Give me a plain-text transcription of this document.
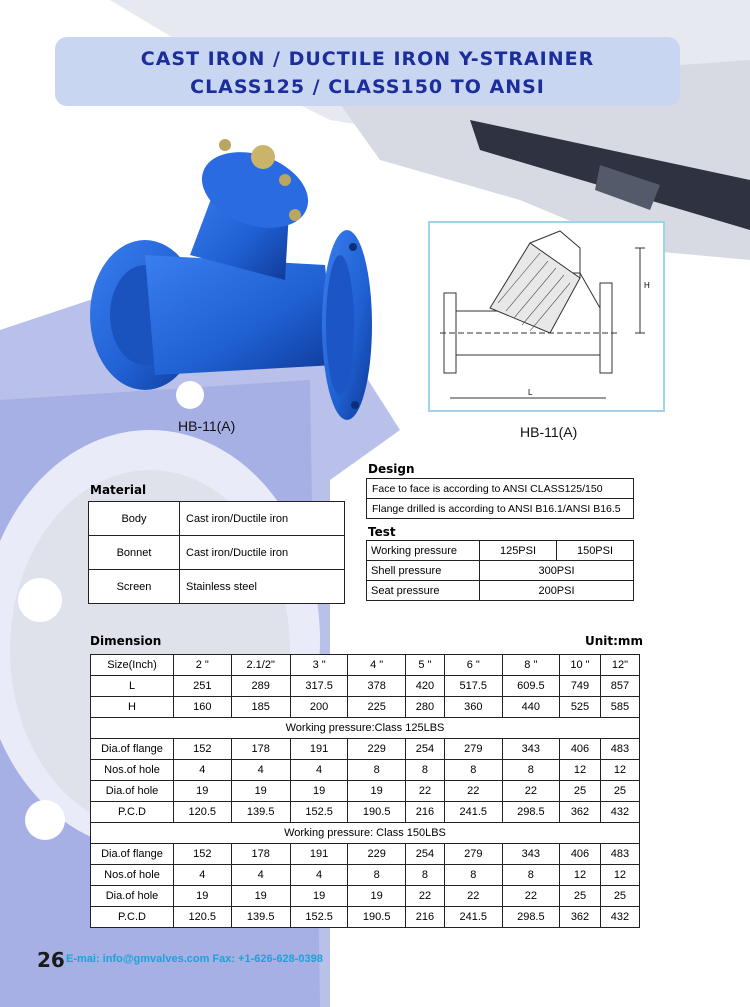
CAST IRON / DUCTILE IRON Y-STRAINER
CLASS125 / CLASS150 TO ANSI
HB-11(A)
L
H
HB-11(A)
Design
Face to face is according to ANSI CLASS125/150
Flange drilled is according to ANSI B16.1/ANSI B16.5
Test
Working pressure	125PSI	150PSI
Shell pressure	300PSI	
Seat pressure	200PSI	
Material
Body	Cast iron/Ductile iron
Bonnet	Cast iron/Ductile iron
Screen	Stainless steel
Dimension	Unit:mm
Size(Inch)	2 "	2.1/2"	3 "	4 "	5 "	6 "	8 "	10 "	12"
L	251	289	317.5	378	420	517.5	609.5	749	857
H	160	185	200	225	280	360	440	525	585
Working pressure:Class 125LBS									
Dia.of flange	152	178	191	229	254	279	343	406	483
Nos.of hole	4	4	4	8	8	8	8	12	12
Dia.of hole	19	19	19	19	22	22	22	25	25
P.C.D	120.5	139.5	152.5	190.5	216	241.5	298.5	362	432
Working pressure: Class 150LBS									
Dia.of flange	152	178	191	229	254	279	343	406	483
Nos.of hole	4	4	4	8	8	8	8	12	12
Dia.of hole	19	19	19	19	22	22	22	25	25
P.C.D	120.5	139.5	152.5	190.5	216	241.5	298.5	362	432
26 E-mai: info@gmvalves.com Fax: +1-626-628-0398
